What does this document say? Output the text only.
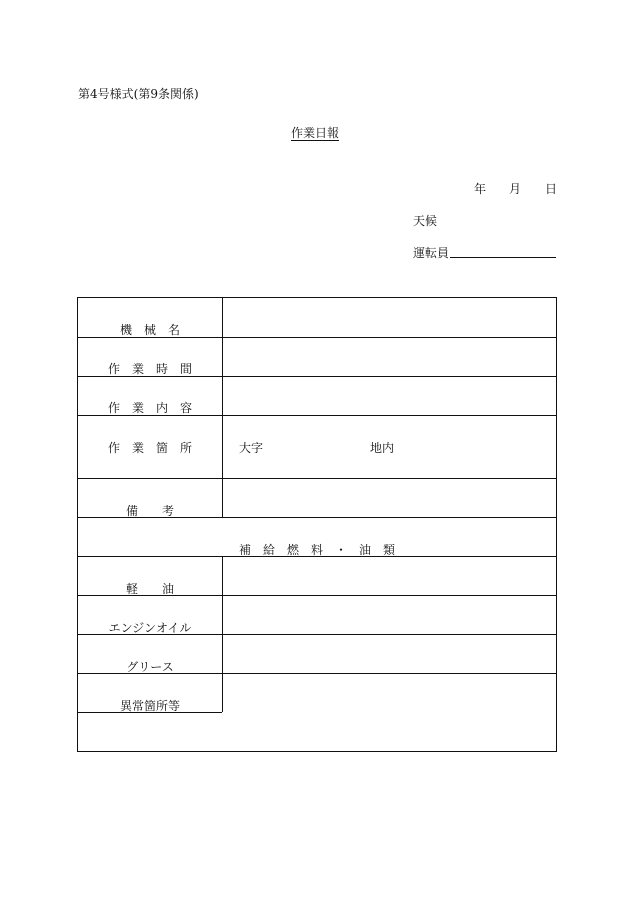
第4号様式(第9条関係)
作業日報
年 月 日
天候
運転員
機　械　名
作　業　時　間
作　業　内　容
作　業　箇　所	大字	地内
備　　考
補　給　燃　料　・　油　類
軽　　油
エンジンオイル
グリース
異常箇所等
